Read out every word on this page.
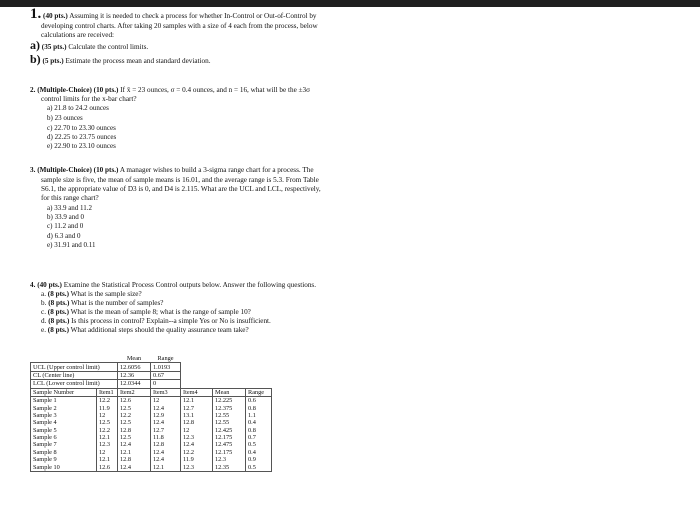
1. (40 pts.) Assuming it is needed to check a process for whether In-Control or Out-of-Control by
developing control charts. After taking 20 samples with a size of 4 each from the process, below
calculations are received:
a) (35 pts.) Calculate the control limits.
b) (5 pts.) Estimate the process mean and standard deviation.
2. (Multiple-Choice) (10 pts.) If x̄ = 23 ounces, σ = 0.4 ounces, and n = 16, what will be the ±3σ
control limits for the x-bar chart?
a) 21.8 to 24.2 ounces
b) 23 ounces
c) 22.70 to 23.30 ounces
d) 22.25 to 23.75 ounces
e) 22.90 to 23.10 ounces
3. (Multiple-Choice) (10 pts.) A manager wishes to build a 3-sigma range chart for a process. The
sample size is five, the mean of sample means is 16.01, and the average range is 5.3. From Table
S6.1, the appropriate value of D3 is 0, and D4 is 2.115. What are the UCL and LCL, respectively,
for this range chart?
a) 33.9 and 11.2
b) 33.9 and 0
c) 11.2 and 0
d) 6.3 and 0
e) 31.91 and 0.11
4. (40 pts.) Examine the Statistical Process Control outputs below. Answer the following questions.
a. (8 pts.) What is the sample size?
b. (8 pts.) What is the number of samples?
c. (8 pts.) What is the mean of sample 8; what is the range of sample 10?
d. (8 pts.) Is this process in control? Explain--a simple Yes or No is insufficient.
e. (8 pts.) What additional steps should the quality assurance team take?
		Mean	Range			
UCL (Upper control limit)		12.6056	1.0193			
CL (Center line)		12.36	0.67			
LCL (Lower control limit)		12.0344	0			
Sample Number	Item1	Item2	Item3	Item4	Mean	Range
Sample 1	12.2	12.6	12	12.1	12.225	0.6
Sample 2	11.9	12.5	12.4	12.7	12.375	0.8
Sample 3	12	12.2	12.9	13.1	12.55	1.1
Sample 4	12.5	12.5	12.4	12.8	12.55	0.4
Sample 5	12.2	12.8	12.7	12	12.425	0.8
Sample 6	12.1	12.5	11.8	12.3	12.175	0.7
Sample 7	12.3	12.4	12.8	12.4	12.475	0.5
Sample 8	12	12.1	12.4	12.2	12.175	0.4
Sample 9	12.1	12.8	12.4	11.9	12.3	0.9
Sample 10	12.6	12.4	12.1	12.3	12.35	0.5
